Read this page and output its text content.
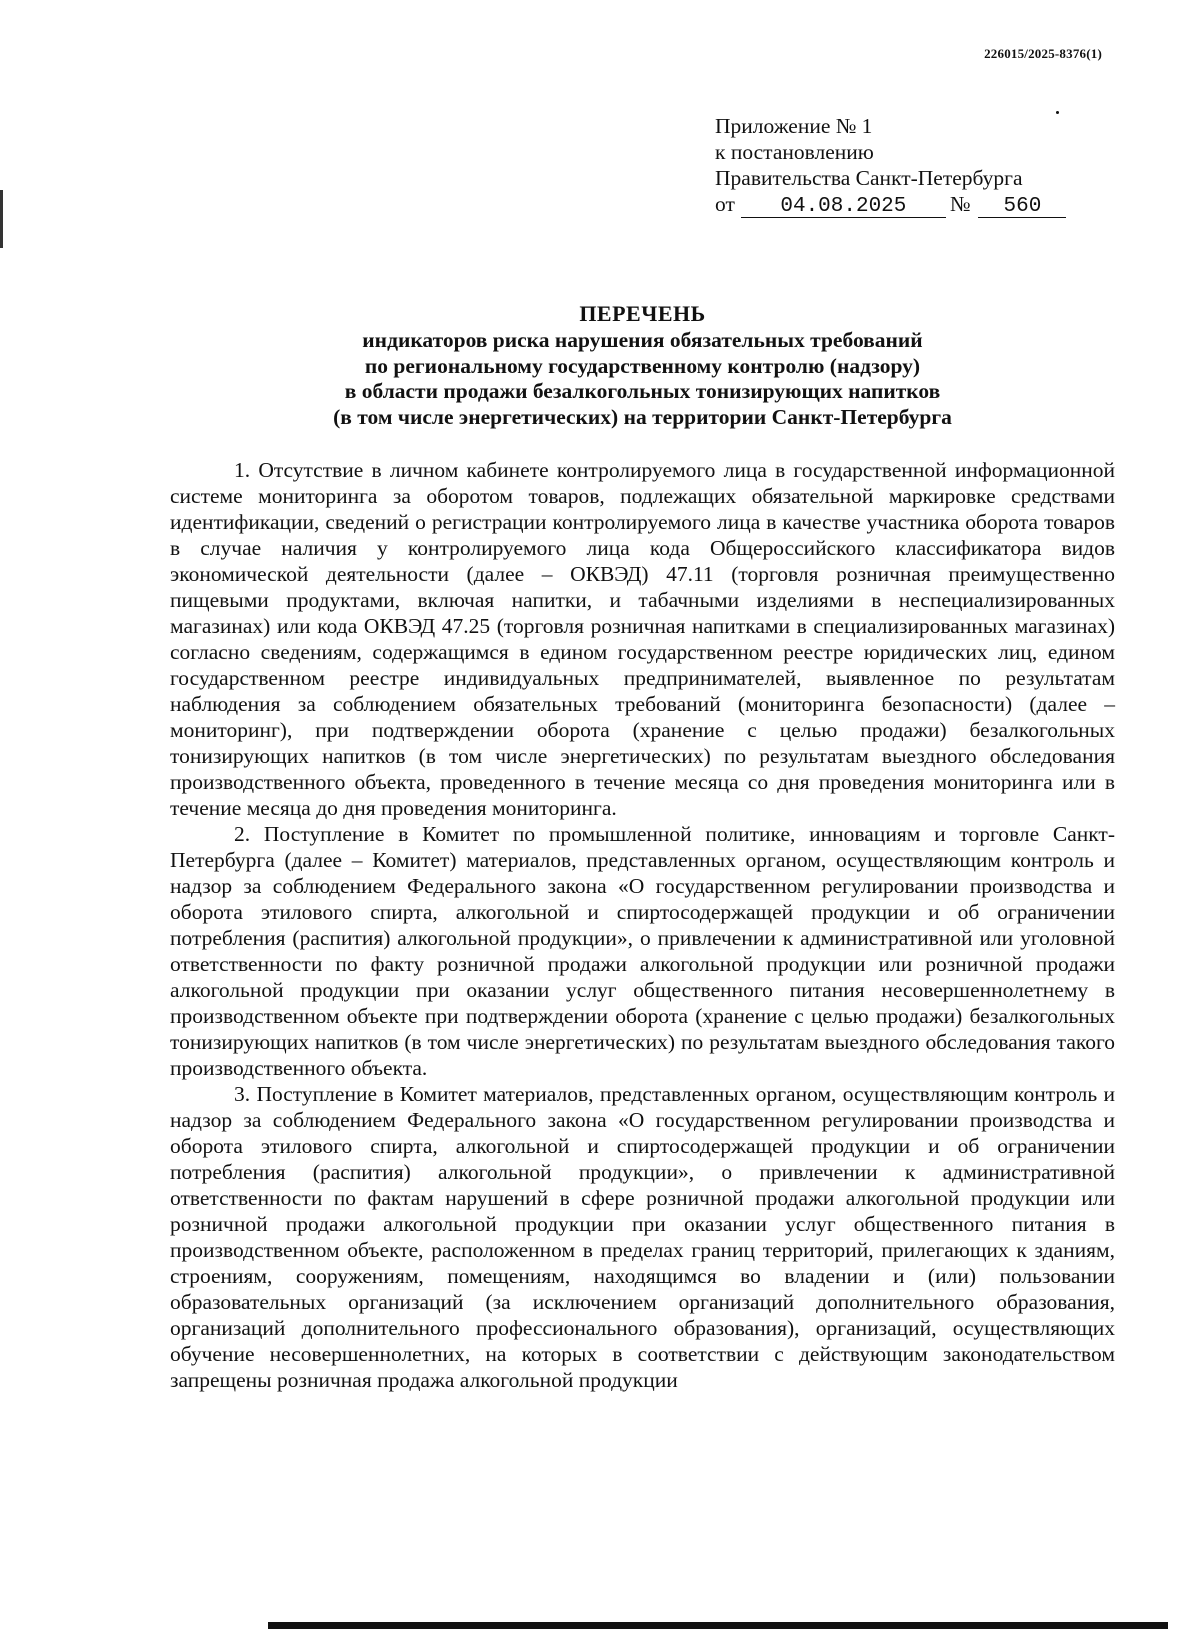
226015/2025-8376(1)
Приложение № 1
к постановлению
Правительства Санкт-Петербурга
от 04.08.2025 № 560
ПЕРЕЧЕНЬ
индикаторов риска нарушения обязательных требований
по региональному государственному контролю (надзору)
в области продажи безалкогольных тонизирующих напитков
(в том числе энергетических) на территории Санкт-Петербурга

1. Отсутствие в личном кабинете контролируемого лица в государственной информационной системе мониторинга за оборотом товаров, подлежащих обязательной маркировке средствами идентификации, сведений о регистрации контролируемого лица в качестве участника оборота товаров в случае наличия у контролируемого лица кода Общероссийского классификатора видов экономической деятельности (далее – ОКВЭД) 47.11 (торговля розничная преимущественно пищевыми продуктами, включая напитки, и табачными изделиями в неспециализированных магазинах) или кода ОКВЭД 47.25 (торговля розничная напитками в специализированных магазинах) согласно сведениям, содержащимся в едином государственном реестре юридических лиц, едином государственном реестре индивидуальных предпринимателей, выявленное по результатам наблюдения за соблюдением обязательных требований (мониторинга безопасности) (далее – мониторинг), при подтверждении оборота (хранение с целью продажи) безалкогольных тонизирующих напитков (в том числе энергетических) по результатам выездного обследования производственного объекта, проведенного в течение месяца со дня проведения мониторинга или в течение месяца до дня проведения мониторинга.

2. Поступление в Комитет по промышленной политике, инновациям и торговле Санкт-Петербурга (далее – Комитет) материалов, представленных органом, осуществляющим контроль и надзор за соблюдением Федерального закона «О государственном регулировании производства и оборота этилового спирта, алкогольной и спиртосодержащей продукции и об ограничении потребления (распития) алкогольной продукции», о привлечении к административной или уголовной ответственности по факту розничной продажи алкогольной продукции или розничной продажи алкогольной продукции при оказании услуг общественного питания несовершеннолетнему в производственном объекте при подтверждении оборота (хранение с целью продажи) безалкогольных тонизирующих напитков (в том числе энергетических) по результатам выездного обследования такого производственного объекта.

3. Поступление в Комитет материалов, представленных органом, осуществляющим контроль и надзор за соблюдением Федерального закона «О государственном регулировании производства и оборота этилового спирта, алкогольной и спиртосодержащей продукции и об ограничении потребления (распития) алкогольной продукции», о привлечении к административной ответственности по фактам нарушений в сфере розничной продажи алкогольной продукции или розничной продажи алкогольной продукции при оказании услуг общественного питания в производственном объекте, расположенном в пределах границ территорий, прилегающих к зданиям, строениям, сооружениям, помещениям, находящимся во владении и (или) пользовании образовательных организаций (за исключением организаций дополнительного образования, организаций дополнительного профессионального образования), организаций, осуществляющих обучение несовершеннолетних, на которых в соответствии с действующим законодательством запрещены розничная продажа алкогольной продукции
